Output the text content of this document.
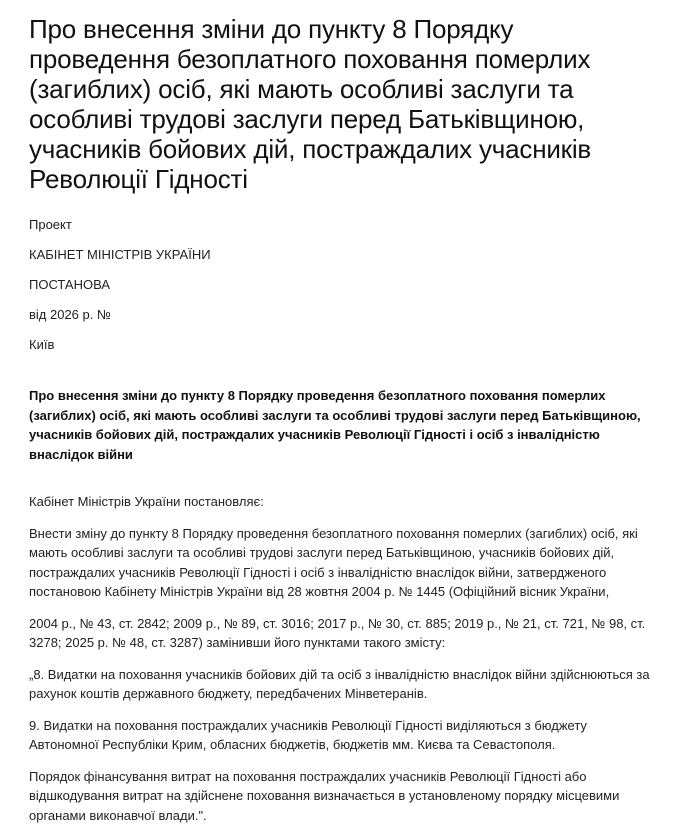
Про внесення зміни до пункту 8 Порядку проведення безоплатного поховання померлих (загиблих) осіб, які мають особливі заслуги та особливі трудові заслуги перед Батьківщиною, учасників бойових дій, постраждалих учасників Революції Гідності

Проект

КАБІНЕТ МІНІСТРІВ УКРАЇНИ

ПОСТАНОВА

від 2026 р. №

Київ

Про внесення зміни до пункту 8 Порядку проведення безоплатного поховання померлих (загиблих) осіб, які мають особливі заслуги та особливі трудові заслуги перед Батьківщиною, учасників бойових дій, постраждалих учасників Революції Гідності і осіб з інвалідністю внаслідок війни

Кабінет Міністрів України постановляє:

Внести зміну до пункту 8 Порядку проведення безоплатного поховання померлих (загиблих) осіб, які мають особливі заслуги та особливі трудові заслуги перед Батьківщиною, учасників бойових дій, постраждалих учасників Революції Гідності і осіб з інвалідністю внаслідок війни, затвердженого постановою Кабінету Міністрів України від 28 жовтня 2004 р. № 1445 (Офіційний вісник України,

2004 р., № 43, ст. 2842; 2009 р., № 89, ст. 3016; 2017 р., № 30, ст. 885; 2019 р., № 21, ст. 721, № 98, ст. 3278; 2025 р. № 48, ст. 3287) замінивши його пунктами такого змісту:

„8. Видатки на поховання учасників бойових дій та осіб з інвалідністю внаслідок війни здійснюються за рахунок коштів державного бюджету, передбачених Мінветеранів.

9. Видатки на поховання постраждалих учасників Революції Гідності виділяються з бюджету Автономної Республіки Крим, обласних бюджетів, бюджетів мм. Києва та Севастополя.

Порядок фінансування витрат на поховання постраждалих учасників Революції Гідності або відшкодування витрат на здійснене поховання визначається в установленому порядку місцевими органами виконавчої влади.".
